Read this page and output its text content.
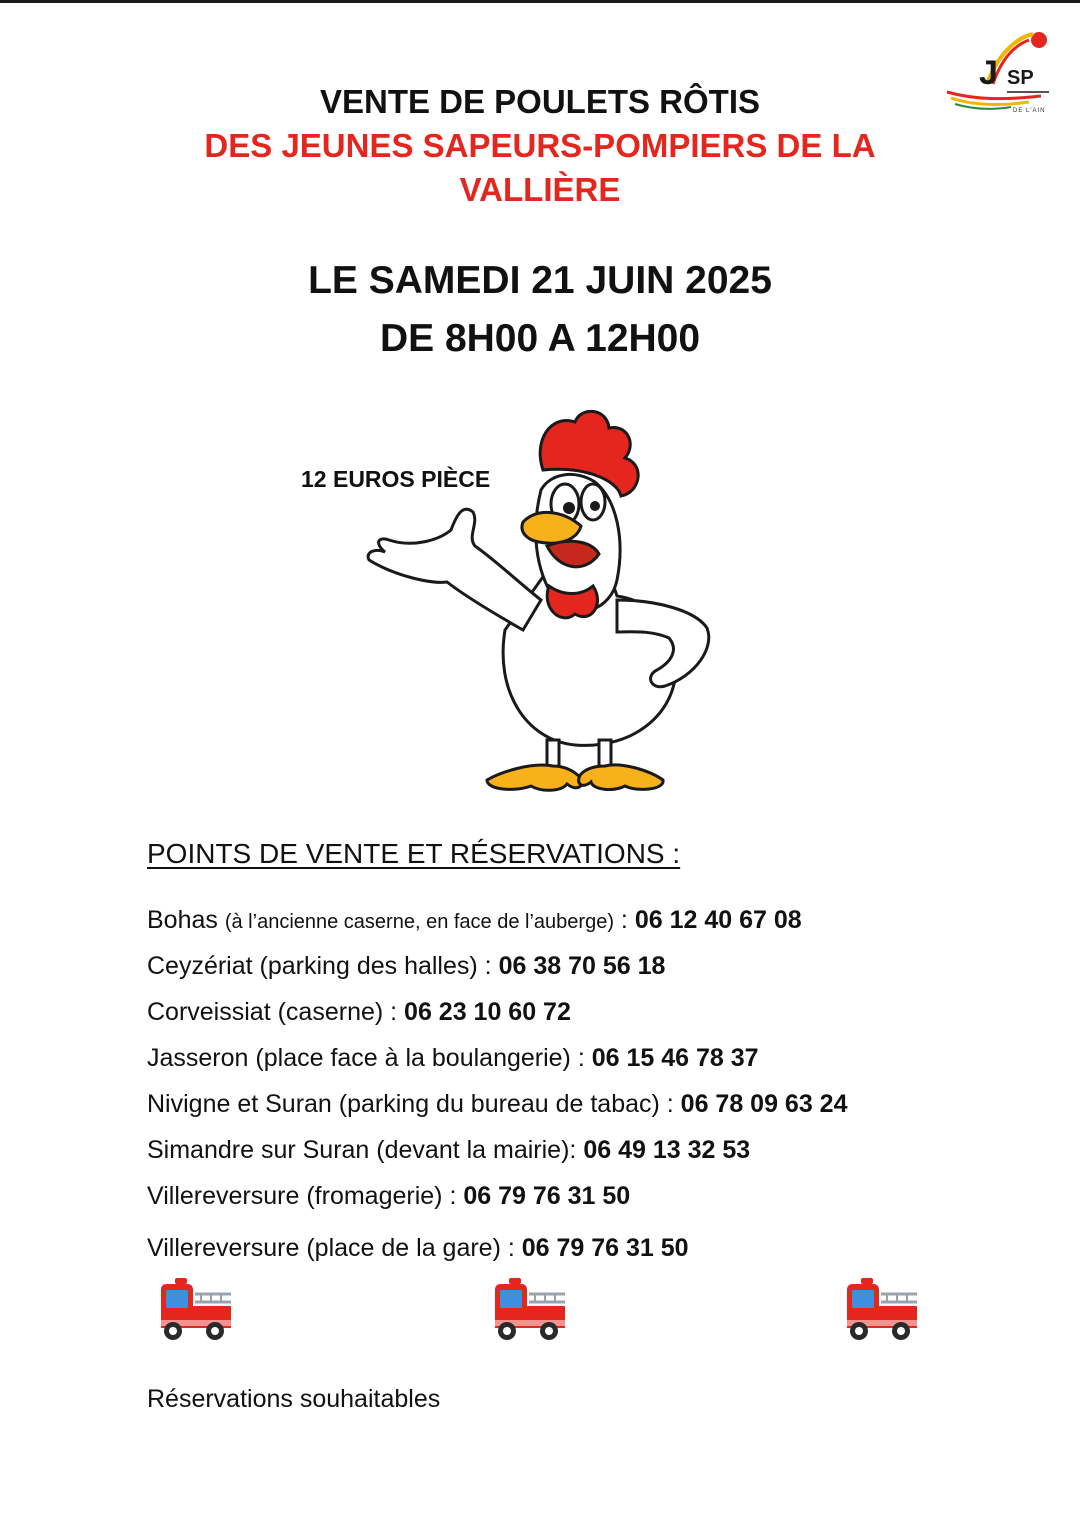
J SP
DE L'AIN
VENTE DE POULETS RÔTIS
DES JEUNES SAPEURS-POMPIERS DE LA VALLIÈRE
LE SAMEDI 21 JUIN 2025
DE 8H00 A 12H00
12 EUROS PIÈCE
POINTS DE VENTE ET RÉSERVATIONS :
Bohas (à l’ancienne caserne, en face de l’auberge) : 06 12 40 67 08
Ceyzériat (parking des halles) : 06 38 70 56 18
Corveissiat (caserne) : 06 23 10 60 72
Jasseron (place face à la boulangerie) : 06 15 46 78 37
Nivigne et Suran (parking du bureau de tabac) : 06 78 09 63 24
Simandre sur Suran (devant la mairie): 06 49 13 32 53
Villereversure (fromagerie) : 06 79 76 31 50
Villereversure (place de la gare) : 06 79 76 31 50
Réservations souhaitables
